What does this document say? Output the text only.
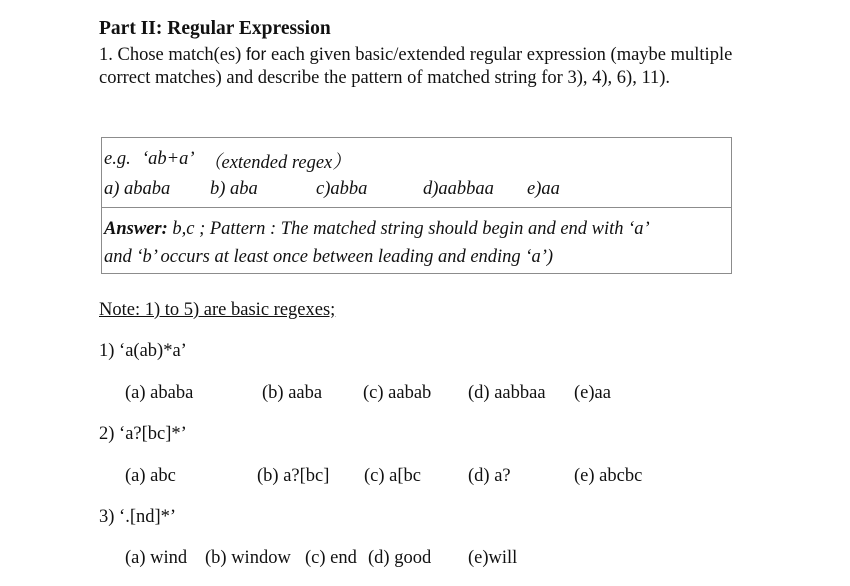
Part II: Regular Expression
1. Chose match(es) for each given basic/extended regular expression (maybe multiple correct matches) and describe the pattern of matched string for 3), 4), 6), 11).
e.g. ‘ab+a’ （extended regex）
a) ababa b) aba	c)abba	d)aabbaa e)aa
Answer: b,c ; Pattern : The matched string should begin and end with ‘a’
and ‘b’ occurs at least once between leading and ending ‘a’)
Note: 1) to 5) are basic regexes;
1) ‘a(ab)*a’
(a) ababa	(b) aaba (c) aabab (d) aabbaa (e)aa
2) ‘a?[bc]*’
(a) abc	(b) a?[bc] (c) a[bc	(d) a?	(e) abcbc
3) ‘.[nd]*’
(a) wind (b) window (c) end (d) good (e)will
